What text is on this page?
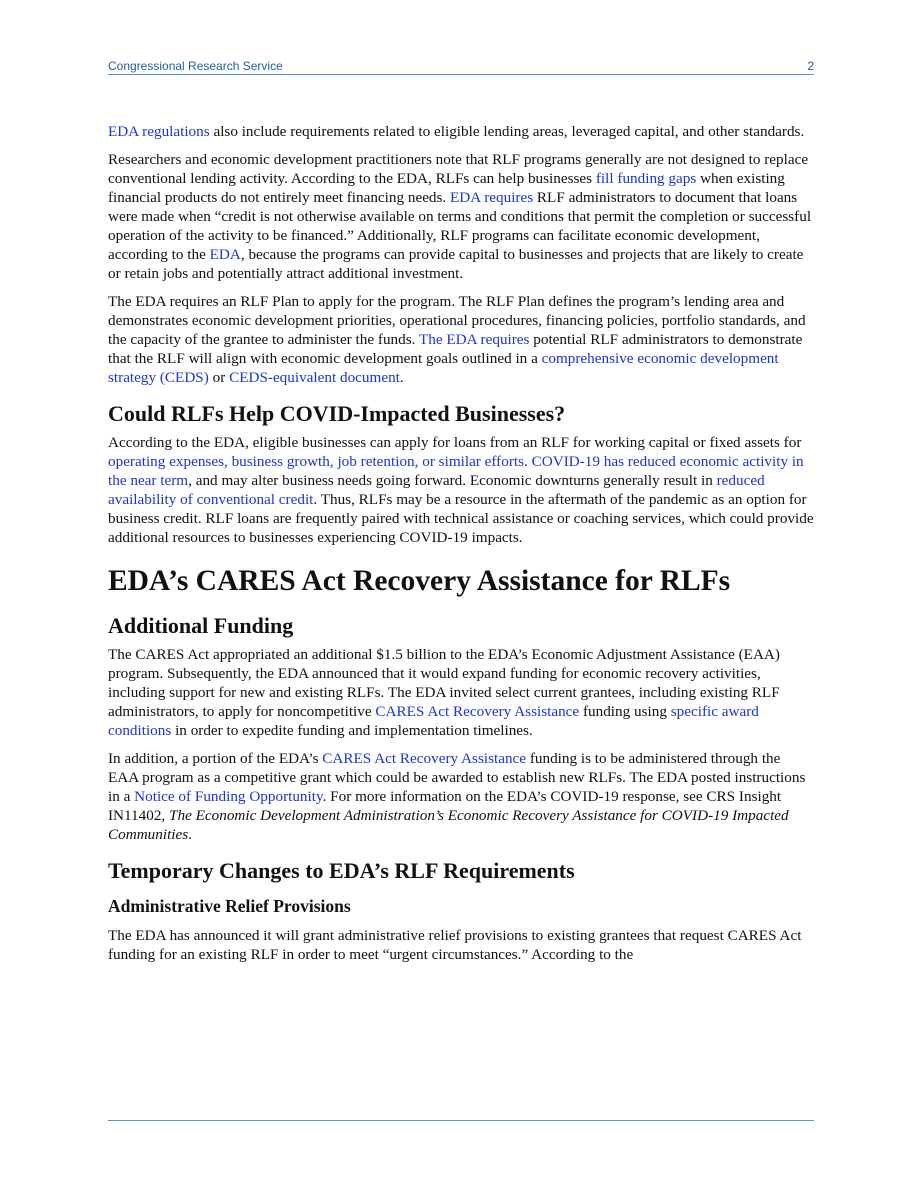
Congressional Research Service	2

EDA regulations also include requirements related to eligible lending areas, leveraged capital, and other standards.

Researchers and economic development practitioners note that RLF programs generally are not designed to replace conventional lending activity. According to the EDA, RLFs can help businesses fill funding gaps when existing financial products do not entirely meet financing needs. EDA requires RLF administrators to document that loans were made when “credit is not otherwise available on terms and conditions that permit the completion or successful operation of the activity to be financed.” Additionally, RLF programs can facilitate economic development, according to the EDA, because the programs can provide capital to businesses and projects that are likely to create or retain jobs and potentially attract additional investment.

The EDA requires an RLF Plan to apply for the program. The RLF Plan defines the program’s lending area and demonstrates economic development priorities, operational procedures, financing policies, portfolio standards, and the capacity of the grantee to administer the funds. The EDA requires potential RLF administrators to demonstrate that the RLF will align with economic development goals outlined in a comprehensive economic development strategy (CEDS) or CEDS-equivalent document.

Could RLFs Help COVID-Impacted Businesses?

According to the EDA, eligible businesses can apply for loans from an RLF for working capital or fixed assets for operating expenses, business growth, job retention, or similar efforts. COVID-19 has reduced economic activity in the near term, and may alter business needs going forward. Economic downturns generally result in reduced availability of conventional credit. Thus, RLFs may be a resource in the aftermath of the pandemic as an option for business credit. RLF loans are frequently paired with technical assistance or coaching services, which could provide additional resources to businesses experiencing COVID-19 impacts.

EDA’s CARES Act Recovery Assistance for RLFs
Additional Funding

The CARES Act appropriated an additional $1.5 billion to the EDA’s Economic Adjustment Assistance (EAA) program. Subsequently, the EDA announced that it would expand funding for economic recovery activities, including support for new and existing RLFs. The EDA invited select current grantees, including existing RLF administrators, to apply for noncompetitive CARES Act Recovery Assistance funding using specific award conditions in order to expedite funding and implementation timelines.

In addition, a portion of the EDA’s CARES Act Recovery Assistance funding is to be administered through the EAA program as a competitive grant which could be awarded to establish new RLFs. The EDA posted instructions in a Notice of Funding Opportunity. For more information on the EDA’s COVID-19 response, see CRS Insight IN11402, The Economic Development Administration’s Economic Recovery Assistance for COVID-19 Impacted Communities.

Temporary Changes to EDA’s RLF Requirements
Administrative Relief Provisions

The EDA has announced it will grant administrative relief provisions to existing grantees that request CARES Act funding for an existing RLF in order to meet “urgent circumstances.” According to the
